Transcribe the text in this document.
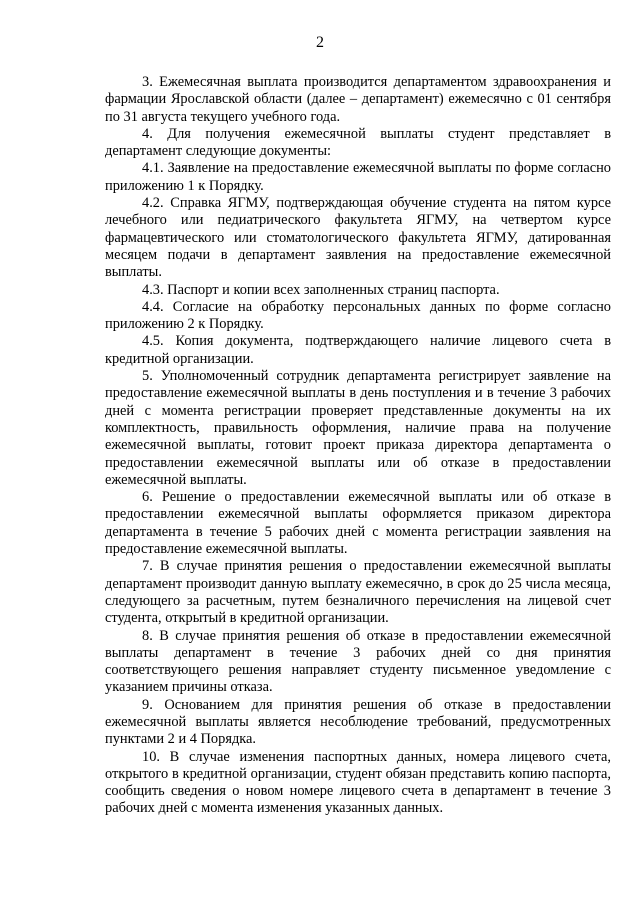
2

3. Ежемесячная выплата производится департаментом здравоохранения и фармации Ярославской области (далее – департамент) ежемесячно с 01 сентября по 31 августа текущего учебного года.

4. Для получения ежемесячной выплаты студент представляет в департамент следующие документы:

4.1. Заявление на предоставление ежемесячной выплаты по форме согласно приложению 1 к Порядку.

4.2. Справка ЯГМУ, подтверждающая обучение студента на пятом курсе лечебного или педиатрического факультета ЯГМУ, на четвертом курсе фармацевтического или стоматологического факультета ЯГМУ, датированная месяцем подачи в департамент заявления на предоставление ежемесячной выплаты.

4.3. Паспорт и копии всех заполненных страниц паспорта.

4.4. Согласие на обработку персональных данных по форме согласно приложению 2 к Порядку.

4.5. Копия документа, подтверждающего наличие лицевого счета в кредитной организации.

5. Уполномоченный сотрудник департамента регистрирует заявление на предоставление ежемесячной выплаты в день поступления и в течение 3 рабочих дней с момента регистрации проверяет представленные документы на их комплектность, правильность оформления, наличие права на получение ежемесячной выплаты, готовит проект приказа директора департамента о предоставлении ежемесячной выплаты или об отказе в предоставлении ежемесячной выплаты.

6. Решение о предоставлении ежемесячной выплаты или об отказе в предоставлении ежемесячной выплаты оформляется приказом директора департамента в течение 5 рабочих дней с момента регистрации заявления на предоставление ежемесячной выплаты.

7. В случае принятия решения о предоставлении ежемесячной выплаты департамент производит данную выплату ежемесячно, в срок до 25 числа месяца, следующего за расчетным, путем безналичного перечисления на лицевой счет студента, открытый в кредитной организации.

8. В случае принятия решения об отказе в предоставлении ежемесячной выплаты департамент в течение 3 рабочих дней со дня принятия соответствующего решения направляет студенту письменное уведомление с указанием причины отказа.

9. Основанием для принятия решения об отказе в предоставлении ежемесячной выплаты является несоблюдение требований, предусмотренных пунктами 2 и 4 Порядка.

10. В случае изменения паспортных данных, номера лицевого счета, открытого в кредитной организации, студент обязан представить копию паспорта, сообщить сведения о новом номере лицевого счета в департамент в течение 3 рабочих дней с момента изменения указанных данных.
